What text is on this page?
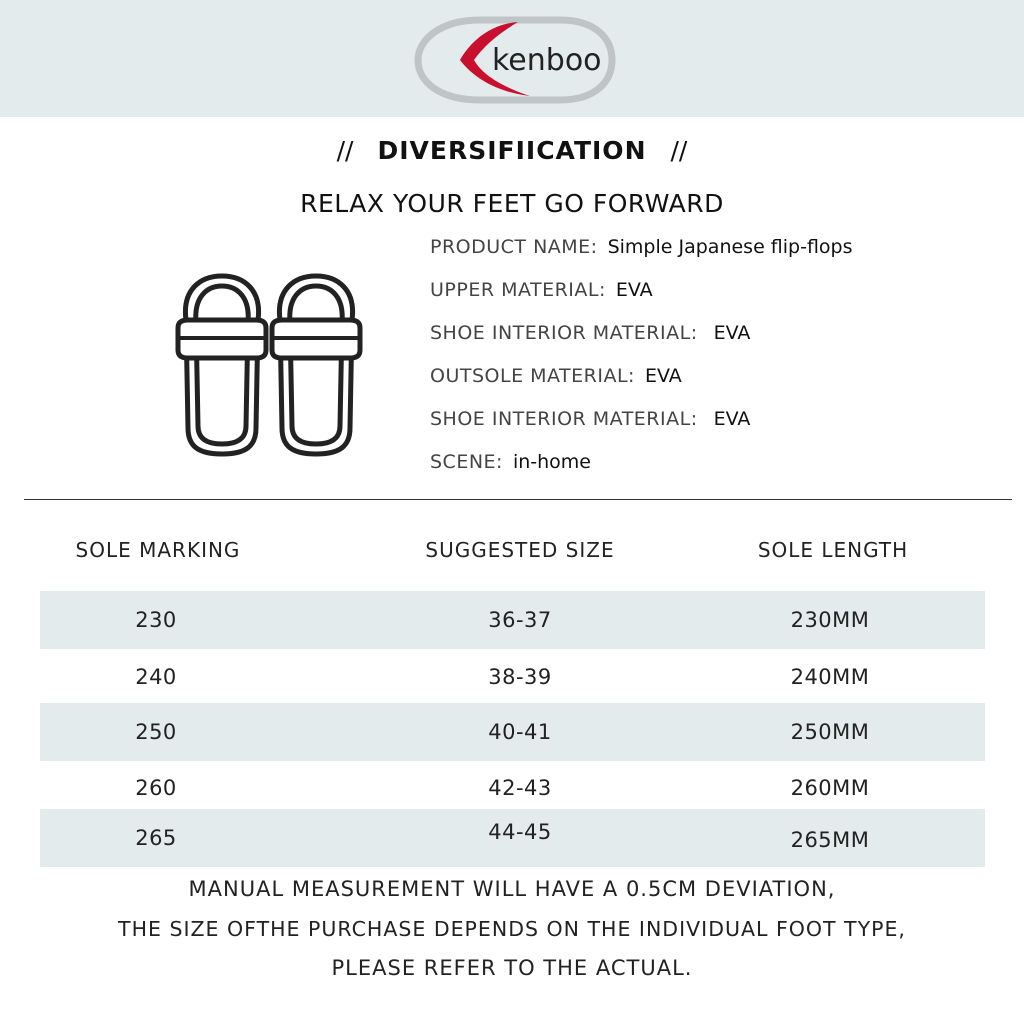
kenboo
// DIVERSIFIICATION //
RELAX YOUR FEET GO FORWARD
PRODUCT NAME: Simple Japanese flip-flops
UPPER MATERIAL: EVA
SHOE INTERIOR MATERIAL: EVA
OUTSOLE MATERIAL: EVA
SHOE INTERIOR MATERIAL: EVA
SCENE: in-home
SOLE MARKING	SUGGESTED SIZE	SOLE LENGTH
230	36-37	230MM
240	38-39	240MM
250	40-41	250MM
260	42-43	260MM
265	44-45	265MM
MANUAL MEASUREMENT WILL HAVE A 0.5CM DEVIATION,
THE SIZE OFTHE PURCHASE DEPENDS ON THE INDIVIDUAL FOOT TYPE,
PLEASE REFER TO THE ACTUAL.
